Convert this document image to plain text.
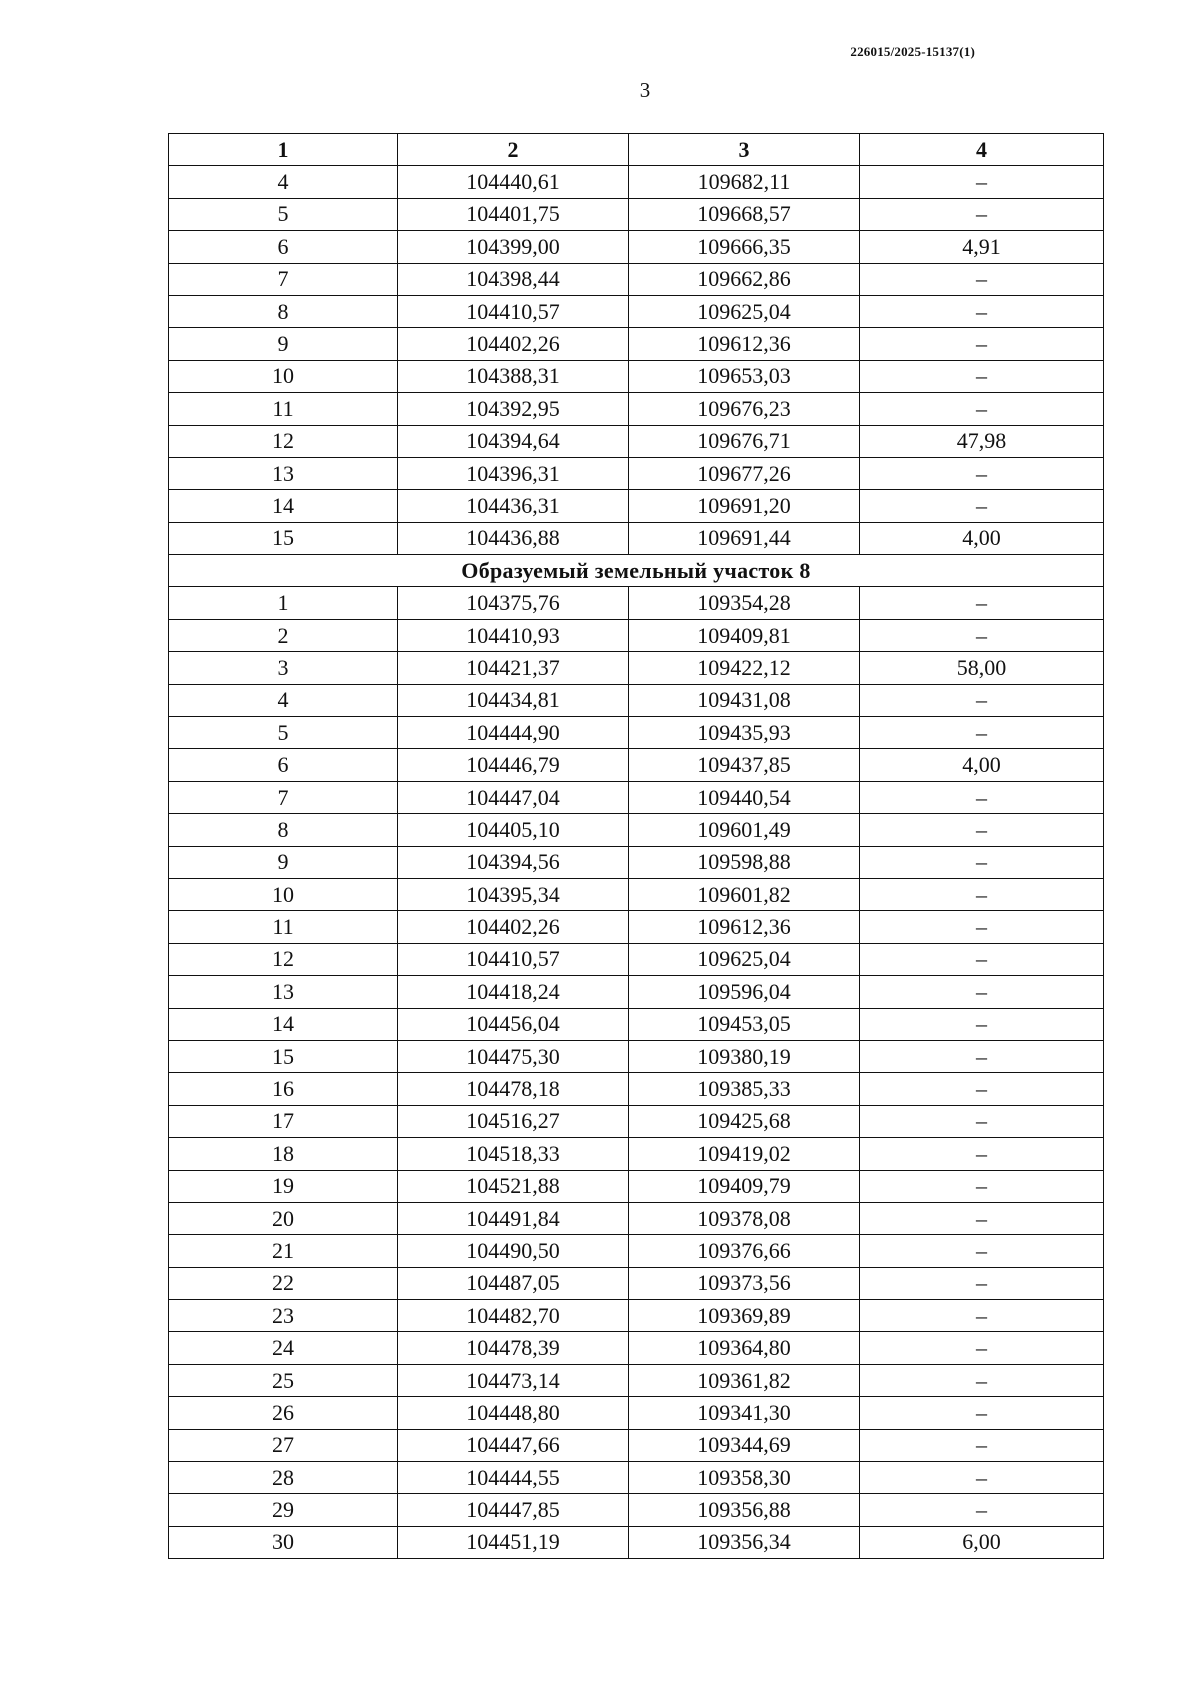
226015/2025-15137(1)
3
1	2	3	4
4	104440,61	109682,11	–
5	104401,75	109668,57	–
6	104399,00	109666,35	4,91
7	104398,44	109662,86	–
8	104410,57	109625,04	–
9	104402,26	109612,36	–
10	104388,31	109653,03	–
11	104392,95	109676,23	–
12	104394,64	109676,71	47,98
13	104396,31	109677,26	–
14	104436,31	109691,20	–
15	104436,88	109691,44	4,00
Образуемый земельный участок 8			
1	104375,76	109354,28	–
2	104410,93	109409,81	–
3	104421,37	109422,12	58,00
4	104434,81	109431,08	–
5	104444,90	109435,93	–
6	104446,79	109437,85	4,00
7	104447,04	109440,54	–
8	104405,10	109601,49	–
9	104394,56	109598,88	–
10	104395,34	109601,82	–
11	104402,26	109612,36	–
12	104410,57	109625,04	–
13	104418,24	109596,04	–
14	104456,04	109453,05	–
15	104475,30	109380,19	–
16	104478,18	109385,33	–
17	104516,27	109425,68	–
18	104518,33	109419,02	–
19	104521,88	109409,79	–
20	104491,84	109378,08	–
21	104490,50	109376,66	–
22	104487,05	109373,56	–
23	104482,70	109369,89	–
24	104478,39	109364,80	–
25	104473,14	109361,82	–
26	104448,80	109341,30	–
27	104447,66	109344,69	–
28	104444,55	109358,30	–
29	104447,85	109356,88	–
30	104451,19	109356,34	6,00
